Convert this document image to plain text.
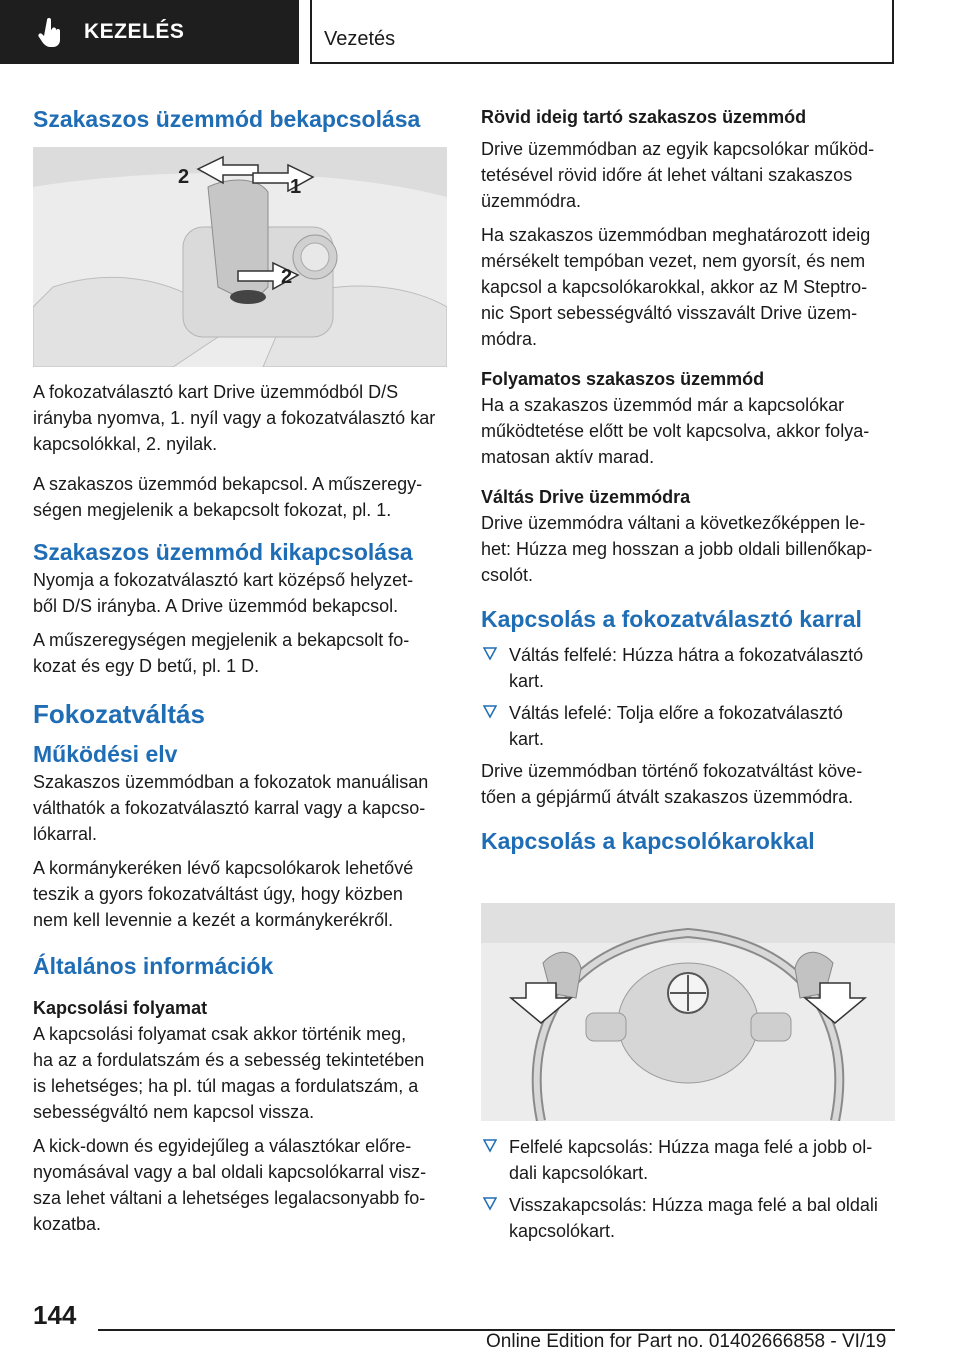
KEZELÉS	Vezetés

Szakaszos üzemmód bekapcsolása

2	1
2

A fokozatválasztó kart Drive üzemmódból D/S

irányba nyomva, 1. nyíl vagy a fokozatválasztó kar

kapcsolókkal, 2. nyilak.

A szakaszos üzemmód bekapcsol. A műszeregy‐

ségen megjelenik a bekapcsolt fokozat, pl. 1.

Szakaszos üzemmód kikapcsolása

Nyomja a fokozatválasztó kart középső helyzet‐

ből D/S irányba. A Drive üzemmód bekapcsol.

A műszeregységen megjelenik a bekapcsolt fo‐

kozat és egy D betű, pl. 1 D.

Fokozatváltás

Működési elv

Szakaszos üzemmódban a fokozatok manuálisan

válthatók a fokozatválasztó karral vagy a kapcso‐

lókarral.

A kormánykeréken lévő kapcsolókarok lehetővé

teszik a gyors fokozatváltást úgy, hogy közben

nem kell levennie a kezét a kormánykerékről.

Általános információk

Kapcsolási folyamat

A kapcsolási folyamat csak akkor történik meg,

ha az a fordulatszám és a sebesség tekintetében

is lehetséges; ha pl. túl magas a fordulatszám, a

sebességváltó nem kapcsol vissza.

A kick-down és egyidejűleg a választókar előre‐

nyomásával vagy a bal oldali kapcsolókarral visz‐

sza lehet váltani a lehetséges legalacsonyabb fo‐

kozatba.

Rövid ideig tartó szakaszos üzemmód

Drive üzemmódban az egyik kapcsolókar működ‐

tetésével rövid időre át lehet váltani szakaszos

üzemmódra.

Ha szakaszos üzemmódban meghatározott ideig

mérsékelt tempóban vezet, nem gyorsít, és nem

kapcsol a kapcsolókarokkal, akkor az M Steptro‐

nic Sport sebességváltó visszavált Drive üzem‐

módra.

Folyamatos szakaszos üzemmód

Ha a szakaszos üzemmód már a kapcsolókar

működtetése előtt be volt kapcsolva, akkor folya‐

matosan aktív marad.

Váltás Drive üzemmódra

Drive üzemmódra váltani a következőképpen le‐

het: Húzza meg hosszan a jobb oldali billenőkap‐

csolót.

Kapcsolás a fokozatválasztó karral

Váltás felfelé: Húzza hátra a fokozatválasztó

kart.

Váltás lefelé: Tolja előre a fokozatválasztó

kart.

Drive üzemmódban történő fokozatváltást köve‐

tően a gépjármű átvált szakaszos üzemmódra.

Kapcsolás a kapcsolókarokkal

Felfelé kapcsolás: Húzza maga felé a jobb ol‐

dali kapcsolókart.

Visszakapcsolás: Húzza maga felé a bal oldali

kapcsolókart.

144
Online Edition for Part no. 01402666858 - VI/19
